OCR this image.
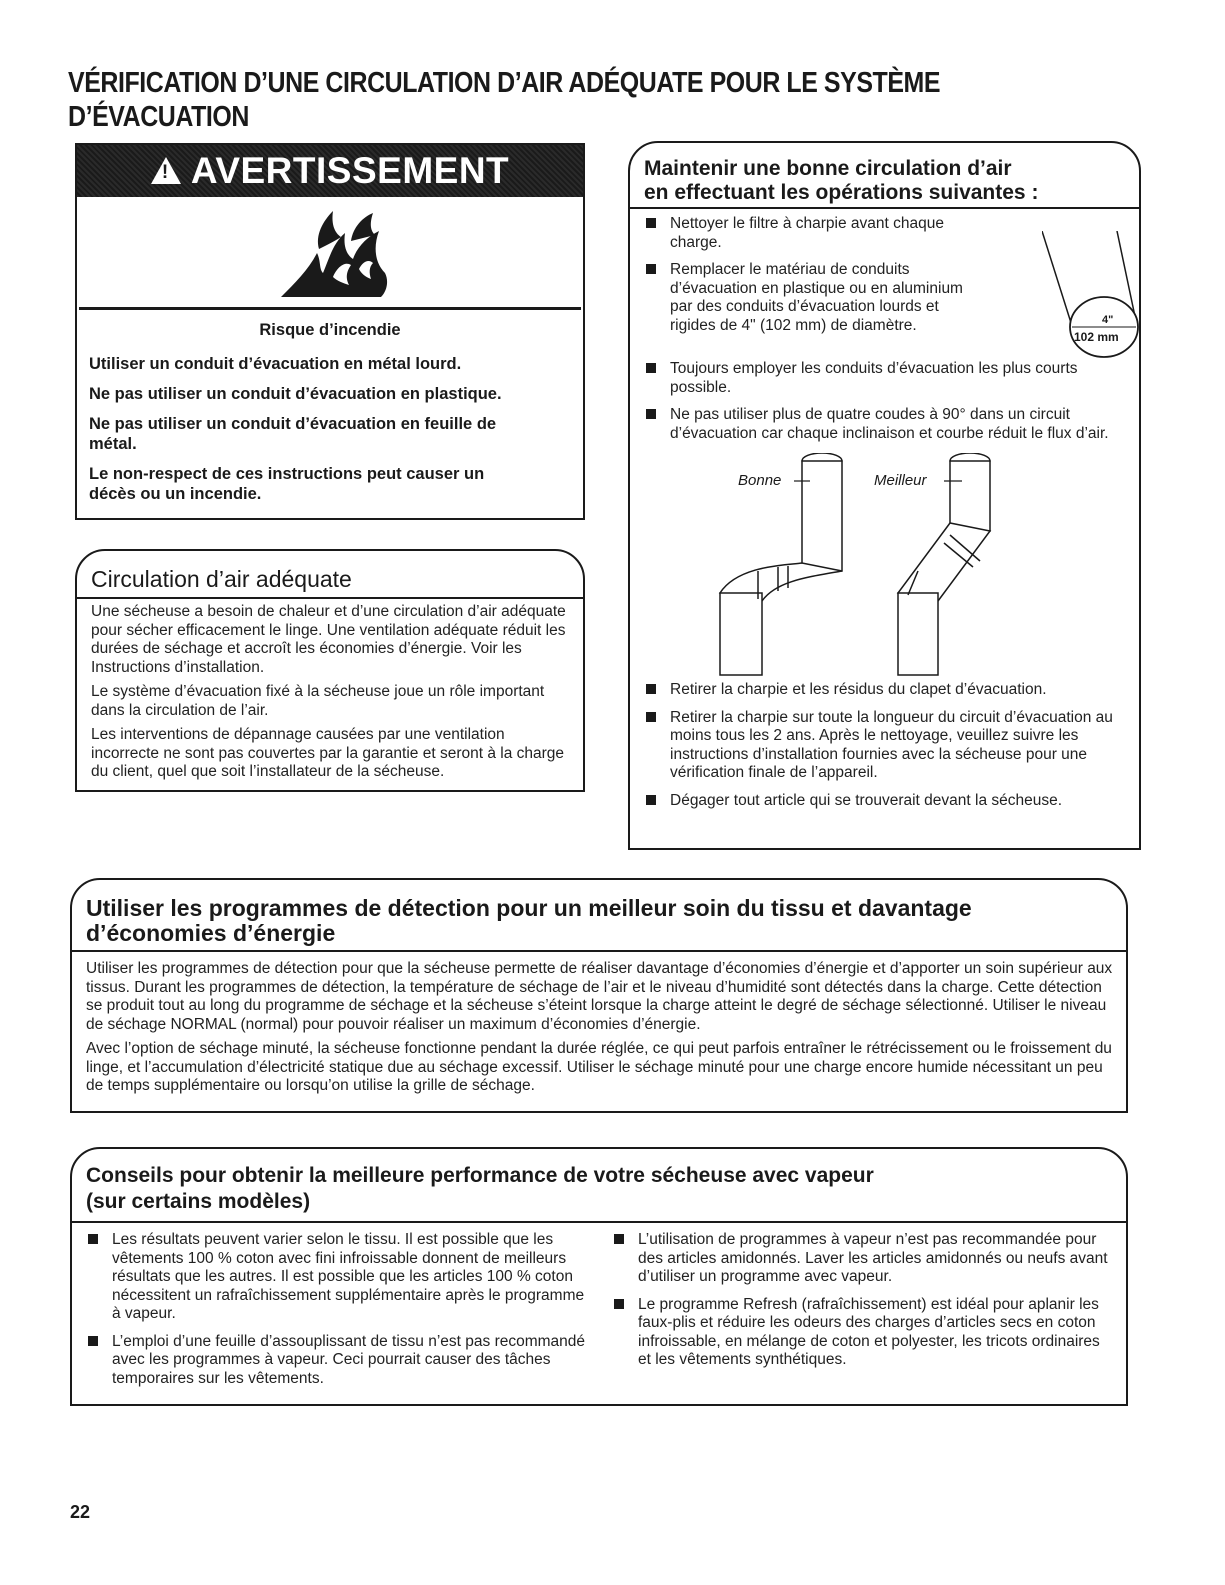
VÉRIFICATION D’UNE CIRCULATION D’AIR ADÉQUATE POUR LE SYSTÈME
D’ÉVACUATION
!
AVERTISSEMENT

Risque d’incendie

Utiliser un conduit d’évacuation en métal lourd.

Ne pas utiliser un conduit d’évacuation en plastique.

Ne pas utiliser un conduit d’évacuation en feuille de métal.

Le non-respect de ces instructions peut causer un décès ou un incendie.

Circulation d’air adéquate

Une sécheuse a besoin de chaleur et d’une circulation d’air adéquate pour sécher efficacement le linge. Une ventilation adéquate réduit les durées de séchage et accroît les économies d’énergie. Voir les Instructions d’installation.

Le système d’évacuation fixé à la sécheuse joue un rôle important dans la circulation de l’air.

Les interventions de dépannage causées par une ventilation incorrecte ne sont pas couvertes par la garantie et seront à la charge du client, quel que soit l’installateur de la sécheuse.

Maintenir une bonne circulation d’air
en effectuant les opérations suivantes :
Nettoyer le filtre à charpie avant chaque charge.
Remplacer le matériau de conduits d’évacuation en plastique ou en aluminium par des conduits d’évacuation lourds et rigides de 4" (102 mm) de diamètre.	4"
102 mm
Toujours employer les conduits d’évacuation les plus courts possible.
Ne pas utiliser plus de quatre coudes à 90° dans un circuit d’évacuation car chaque inclinaison et courbe réduit le flux d’air.
Bonne	Meilleur
Retirer la charpie et les résidus du clapet d’évacuation.
Retirer la charpie sur toute la longueur du circuit d’évacuation au moins tous les 2 ans. Après le nettoyage, veuillez suivre les instructions d’installation fournies avec la sécheuse pour une vérification finale de l’appareil.
Dégager tout article qui se trouverait devant la sécheuse.
Utiliser les programmes de détection pour un meilleur soin du tissu et davantage
d’économies d’énergie

Utiliser les programmes de détection pour que la sécheuse permette de réaliser davantage d’économies d’énergie et d’apporter un soin supérieur aux tissus. Durant les programmes de détection, la température de séchage de l’air et le niveau d’humidité sont détectés dans la charge. Cette détection se produit tout au long du programme de séchage et la sécheuse s’éteint lorsque la charge atteint le degré de séchage sélectionné. Utiliser le niveau de séchage NORMAL (normal) pour pouvoir réaliser un maximum d’économies d’énergie.

Avec l’option de séchage minuté, la sécheuse fonctionne pendant la durée réglée, ce qui peut parfois entraîner le rétrécissement ou le froissement du linge, et l’accumulation d’électricité statique due au séchage excessif. Utiliser le séchage minuté pour une charge encore humide nécessitant un peu de temps supplémentaire ou lorsqu’on utilise la grille de séchage.

Conseils pour obtenir la meilleure performance de votre sécheuse avec vapeur
(sur certains modèles)
Les résultats peuvent varier selon le tissu. Il est possible que les vêtements 100 % coton avec fini infroissable donnent de meilleurs résultats que les autres. Il est possible que les articles 100 % coton nécessitent un rafraîchissement supplémentaire après le programme à vapeur.
L’emploi d’une feuille d’assouplissant de tissu n’est pas recommandé avec les programmes à vapeur. Ceci pourrait causer des tâches temporaires sur les vêtements.
L’utilisation de programmes à vapeur n’est pas recommandée pour des articles amidonnés. Laver les articles amidonnés ou neufs avant d’utiliser un programme avec vapeur.
Le programme Refresh (rafraîchissement) est idéal pour aplanir les faux-plis et réduire les odeurs des charges d’articles secs en coton infroissable, en mélange de coton et polyester, les tricots ordinaires et les vêtements synthétiques.
22
